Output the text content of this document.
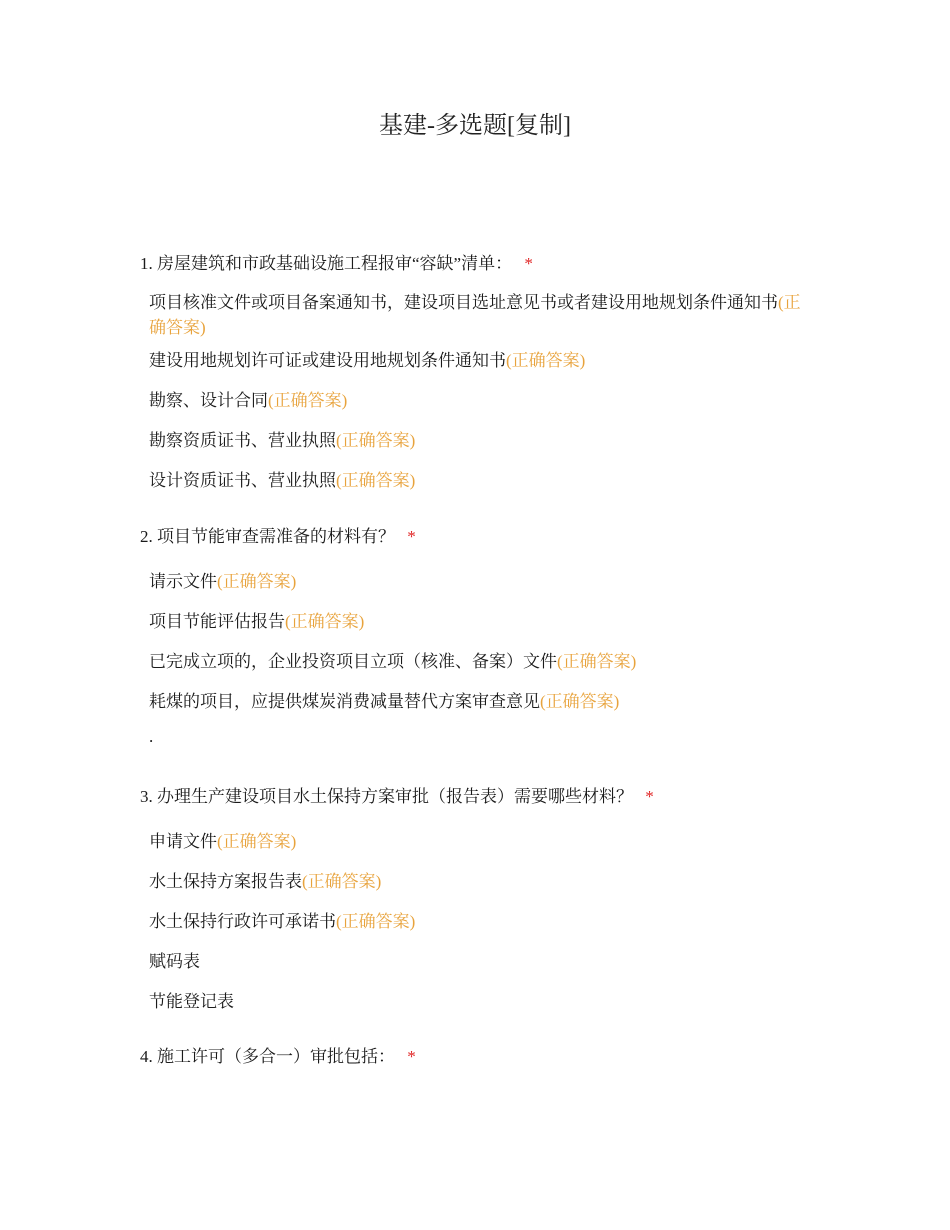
基建-多选题[复制]

1. 房屋建筑和市政基础设施工程报审“容缺”清单： *

项目核准文件或项目备案通知书，建设项目选址意见书或者建设用地规划条件通知书(正确答案)
建设用地规划许可证或建设用地规划条件通知书(正确答案)
勘察、设计合同(正确答案)
勘察资质证书、营业执照(正确答案)
设计资质证书、营业执照(正确答案)

2. 项目节能审查需准备的材料有？ *

请示文件(正确答案)
项目节能评估报告(正确答案)
已完成立项的，企业投资项目立项（核准、备案）文件(正确答案)
耗煤的项目，应提供煤炭消费减量替代方案审查意见(正确答案)
.

3. 办理生产建设项目水土保持方案审批（报告表）需要哪些材料？ *

申请文件(正确答案)
水土保持方案报告表(正确答案)
水土保持行政许可承诺书(正确答案)
赋码表
节能登记表

4. 施工许可（多合一）审批包括： *
